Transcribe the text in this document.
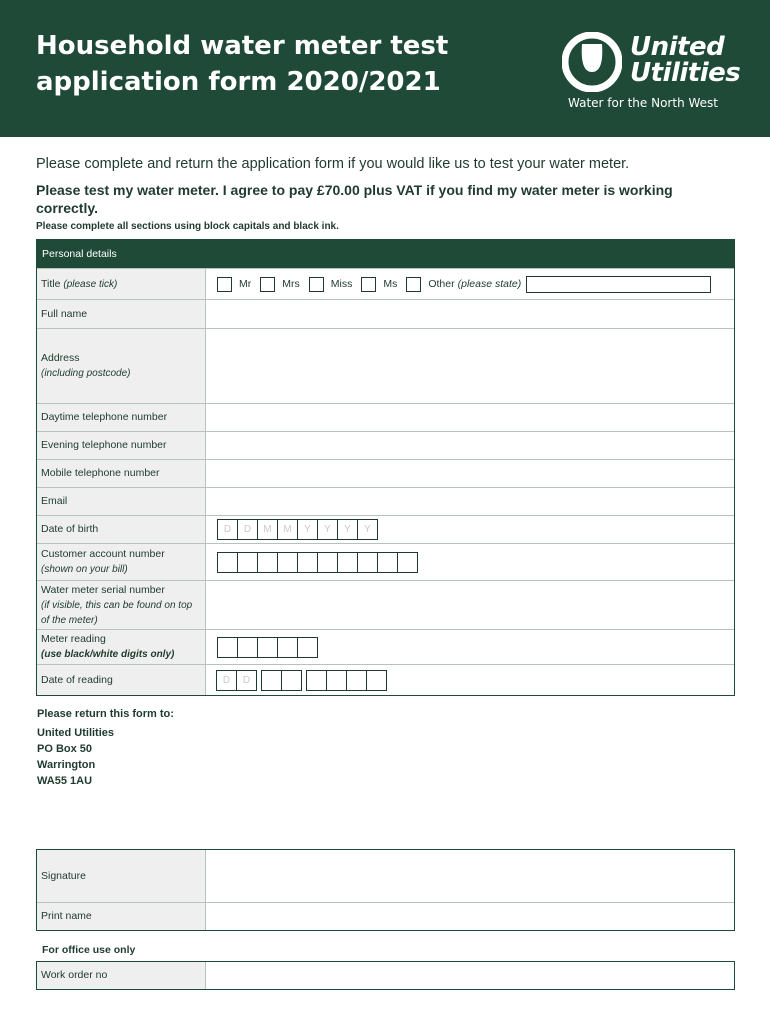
Household water meter test
application form 2020/2021
United
Utilities
Water for the North West
Please complete and return the application form if you would like us to test your water meter.
Please test my water meter. I agree to pay £70.00 plus VAT if you find my water meter is working correctly.
Please complete all sections using block capitals and black ink.
Personal details
Title (please tick)	Mr	Mrs	Miss	Ms	Other (please state)
Full name
Address
(including postcode)
Daytime telephone number
Evening telephone number
Mobile telephone number
Email
Date of birth	D	D	M	M	Y	Y	Y	Y
Customer account number
(shown on your bill)
Water meter serial number
(if visible, this can be found on top of the meter)
Meter reading
(use black/white digits only)
Date of reading	D	D
Please return this form to:
United Utilities
PO Box 50
Warrington
WA55 1AU
Signature
Print name
For office use only
Work order no
